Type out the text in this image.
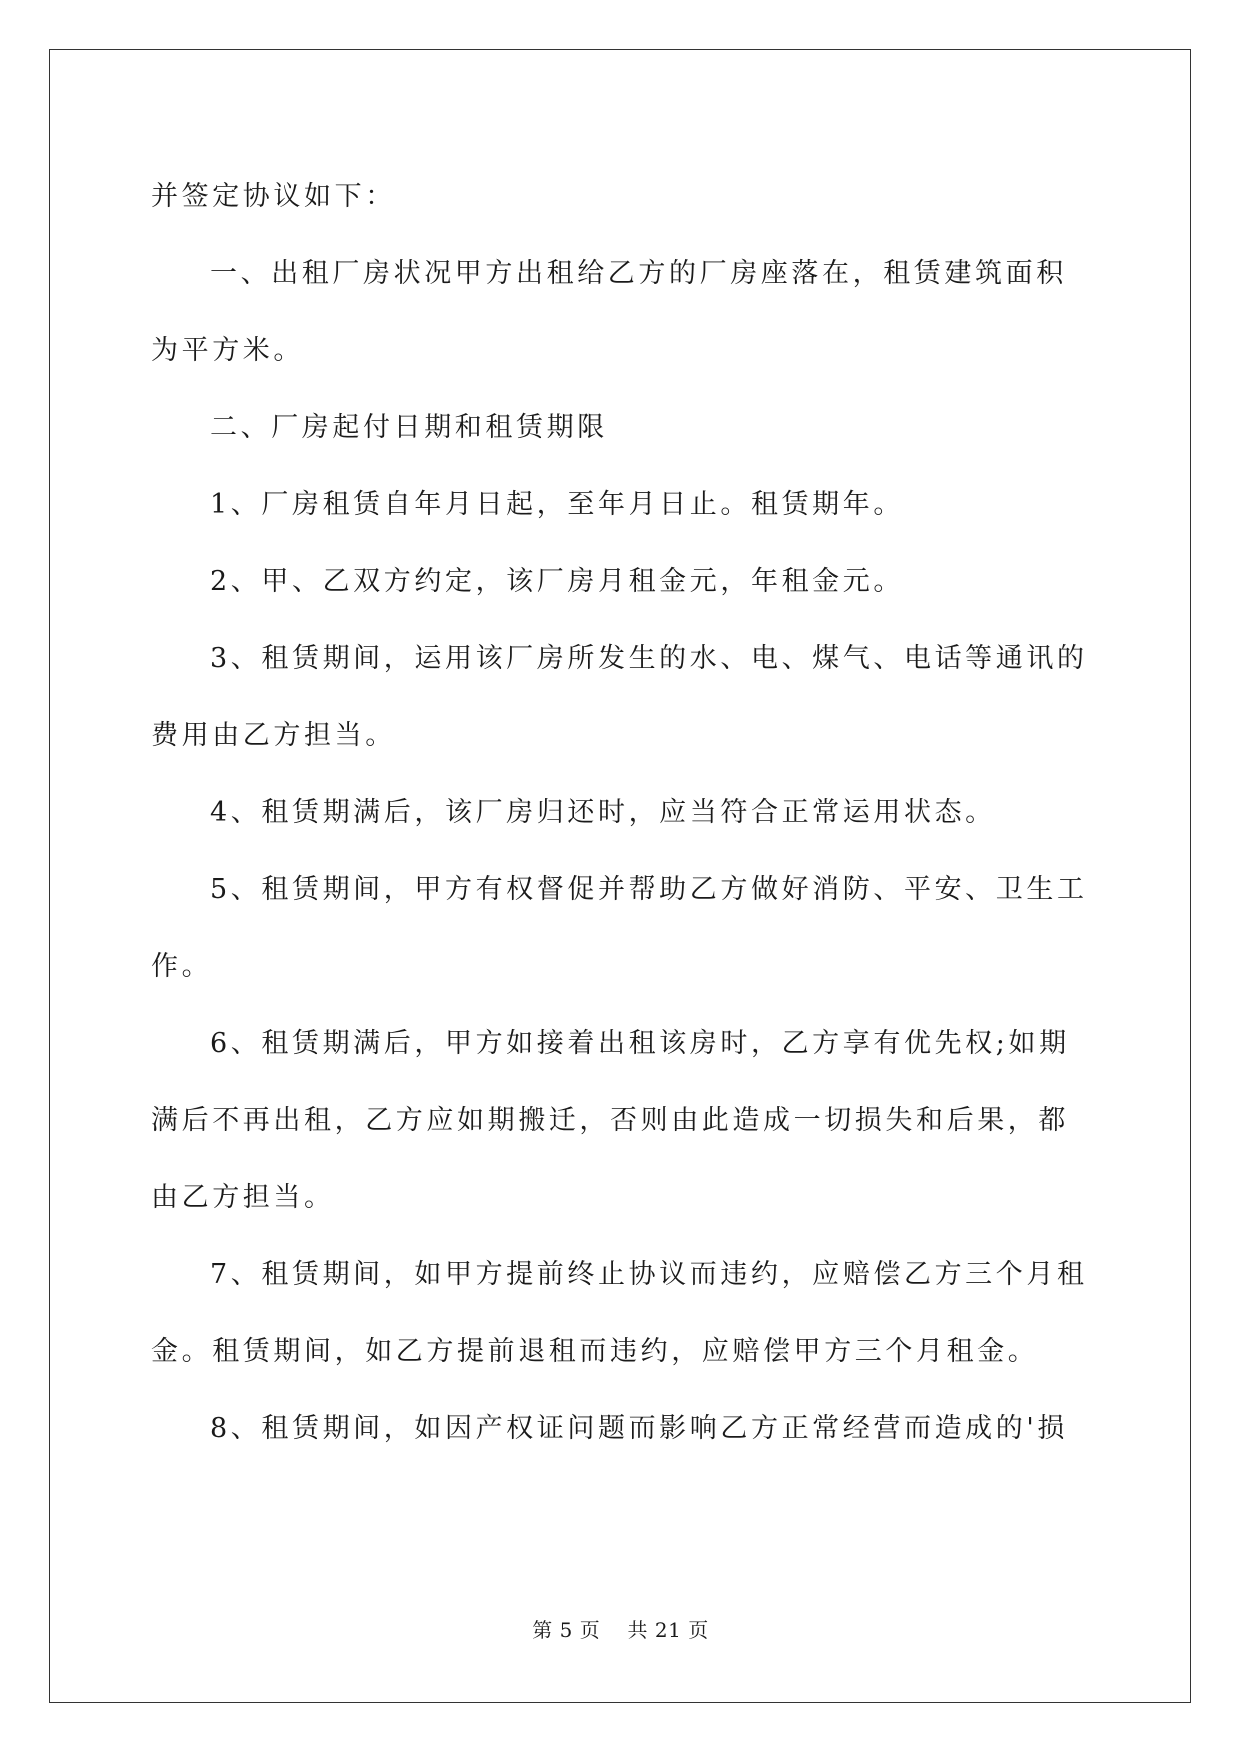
并签定协议如下：
一、出租厂房状况甲方出租给乙方的厂房座落在，租赁建筑面积
为平方米。
二、厂房起付日期和租赁期限
1、厂房租赁自年月日起，至年月日止。租赁期年。
2、甲、乙双方约定，该厂房月租金元，年租金元。
3、租赁期间，运用该厂房所发生的水、电、煤气、电话等通讯的
费用由乙方担当。
4、租赁期满后，该厂房归还时，应当符合正常运用状态。
5、租赁期间，甲方有权督促并帮助乙方做好消防、平安、卫生工
作。
6、租赁期满后，甲方如接着出租该房时，乙方享有优先权;如期
满后不再出租，乙方应如期搬迁，否则由此造成一切损失和后果，都
由乙方担当。
7、租赁期间，如甲方提前终止协议而违约，应赔偿乙方三个月租
金。租赁期间，如乙方提前退租而违约，应赔偿甲方三个月租金。
8、租赁期间，如因产权证问题而影响乙方正常经营而造成的'损
第 5 页　 共 21 页
